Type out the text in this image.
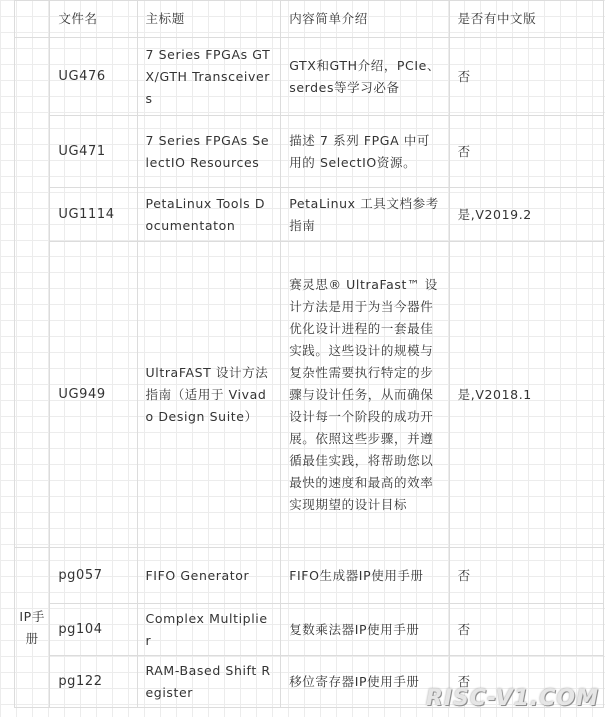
	文件名	主标题	内容简单介绍	是否有中文版
	UG476	7 Series FPGAs GTX/GTH Transceivers	GTX和GTH介绍，PCIe、serdes等学习必备	否
	UG471	7 Series FPGAs SelectIO Resources	描述 7 系列 FPGA 中可用的 SelectIO资源。	否
	UG1114	PetaLinux Tools Documentaton	PetaLinux 工具文档参考指南	是,V2019.2
	UG949	UltraFAST 设计方法指南（适用于 Vivado Design Suite）	赛灵思® UltraFast™ 设计方法是用于为当今器件优化设计进程的一套最佳实践。这些设计的规模与复杂性需要执行特定的步骤与设计任务，从而确保设计每一个阶段的成功开展。依照这些步骤，并遵循最佳实践，将帮助您以最快的速度和最高的效率实现期望的设计目标	是,V2018.1
IP手册	pg057	FIFO Generator	FIFO生成器IP使用手册	否
	pg104	Complex Multiplier	复数乘法器IP使用手册	否
	pg122	RAM-Based Shift Register	移位寄存器IP使用手册	否
RISC-V1.COM
